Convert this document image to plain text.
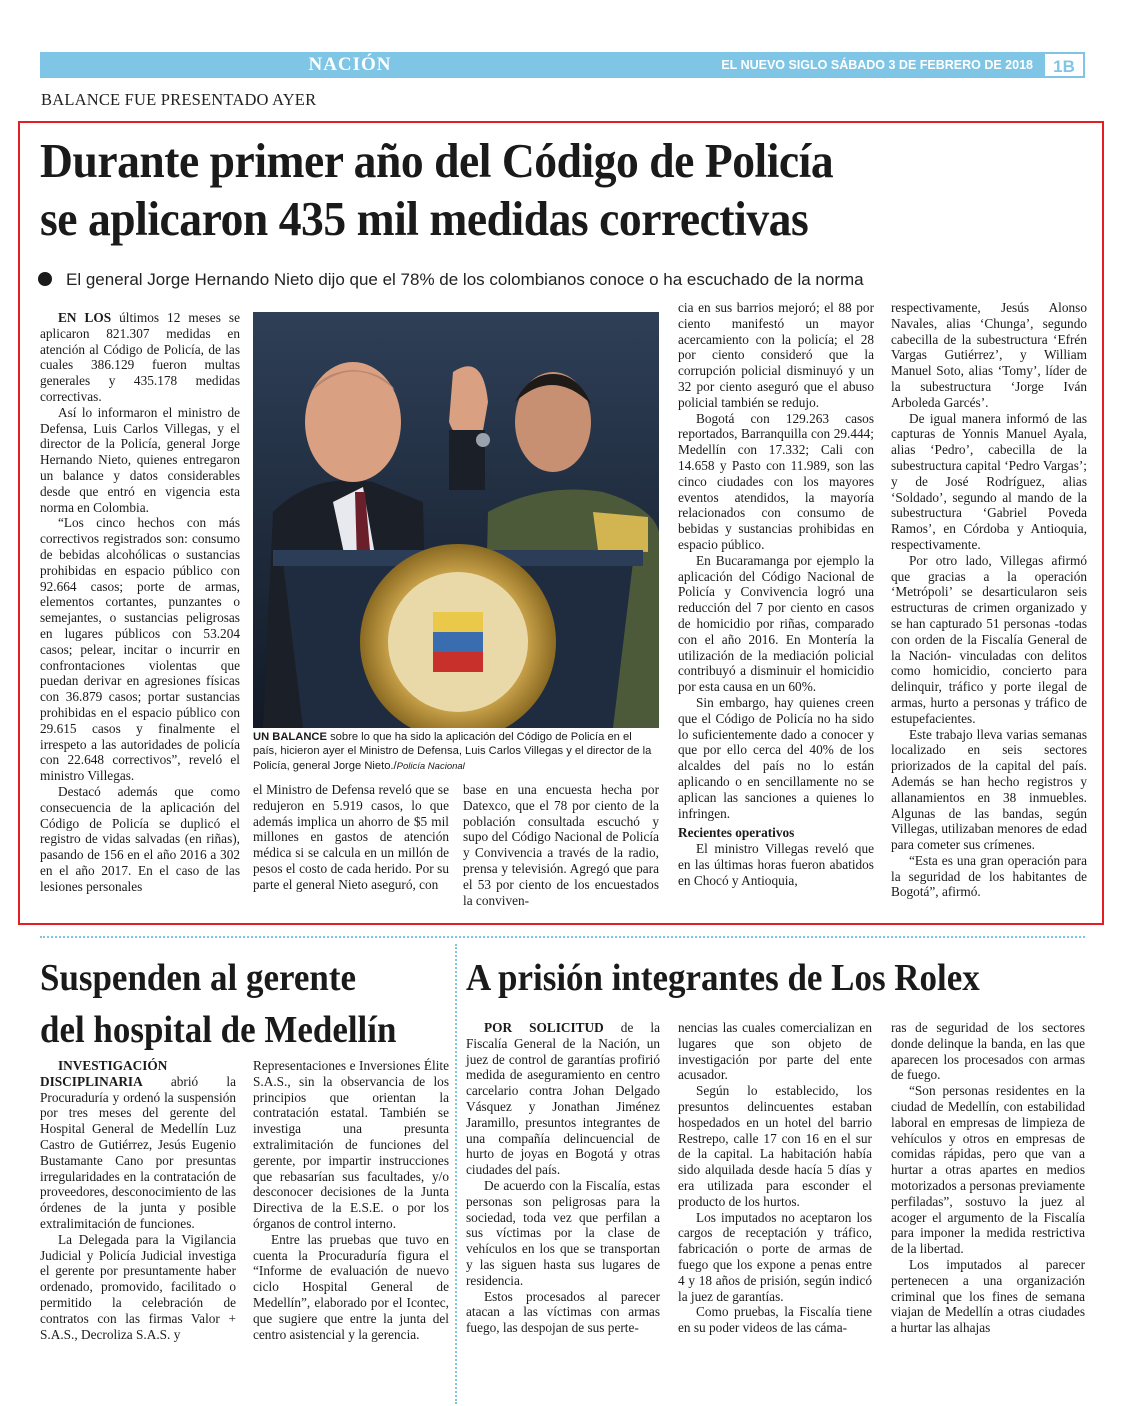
NACIÓN	EL NUEVO SIGLO SÁBADO 3 DE FEBRERO DE 2018	1B
BALANCE FUE PRESENTADO AYER
Durante primer año del Código de Policía
se aplicaron 435 mil medidas correctivas
El general Jorge Hernando Nieto dijo que el 78% de los colombianos conoce o ha escuchado de la norma

EN LOS últimos 12 meses se aplicaron 821.307 medidas en atención al Código de Policía, de las cuales 386.129 fueron multas generales y 435.178 medidas correctivas.

Así lo informaron el ministro de Defensa, Luis Carlos Villegas, y el director de la Policía, general Jorge Hernando Nieto, quienes entregaron un balance y datos considerables desde que entró en vigencia esta norma en Colombia.

“Los cinco hechos con más correctivos registrados son: consumo de bebidas alcohólicas o sustancias prohibidas en espacio público con 92.664 casos; porte de armas, elementos cortantes, punzantes o semejantes, o sustancias peligrosas en lugares públicos con 53.204 casos; pelear, incitar o incurrir en confrontaciones violentas que puedan derivar en agresiones físicas con 36.879 casos; portar sustancias prohibidas en el espacio público con 29.615 casos y finalmente el irrespeto a las autoridades de policía con 22.648 correctivos”, reveló el ministro Villegas.

Destacó además que como consecuencia de la aplicación del Código de Policía se duplicó el registro de vidas salvadas (en riñas), pasando de 156 en el año 2016 a 302 en el año 2017. En el caso de las lesiones personales

UN BALANCE sobre lo que ha sido la aplicación del Código de Policía en el país, hicieron ayer el Ministro de Defensa, Luis Carlos Villegas y el director de la Policía, general Jorge Nieto./Policía Nacional

el Ministro de Defensa reveló que se redujeron en 5.919 casos, lo que además implica un ahorro de $5 mil millones en gastos de atención médica si se calcula en un millón de pesos el costo de cada herido. Por su parte el general Nieto aseguró, con

base en una encuesta hecha por Datexco, que el 78 por ciento de la población consultada escuchó y supo del Código Nacional de Policía y Convivencia a través de la radio, prensa y televisión. Agregó que para el 53 por ciento de los encuestados la conviven-

cia en sus barrios mejoró; el 88 por ciento manifestó un mayor acercamiento con la policía; el 28 por ciento consideró que la corrupción policial disminuyó y un 32 por ciento aseguró que el abuso policial también se redujo.

Bogotá con 129.263 casos reportados, Barranquilla con 29.444; Medellín con 17.332; Cali con 14.658 y Pasto con 11.989, son las cinco ciudades con los mayores eventos atendidos, la mayoría relacionados con consumo de bebidas y sustancias prohibidas en espacio público.

En Bucaramanga por ejemplo la aplicación del Código Nacional de Policía y Convivencia logró una reducción del 7 por ciento en casos de homicidio por riñas, comparado con el año 2016. En Montería la utilización de la mediación policial contribuyó a disminuir el homicidio por esta causa en un 60%.

Sin embargo, hay quienes creen que el Código de Policía no ha sido lo suficientemente dado a conocer y que por ello cerca del 40% de los alcaldes del país no lo están aplicando o en sencillamente no se aplican las sanciones a quienes lo infringen.

Recientes operativos

El ministro Villegas reveló que en las últimas horas fueron abatidos en Chocó y Antioquia,

respectivamente, Jesús Alonso Navales, alias ‘Chunga’, segundo cabecilla de la subestructura ‘Efrén Vargas Gutiérrez’, y William Manuel Soto, alias ‘Tomy’, líder de la subestructura ‘Jorge Iván Arboleda Garcés’.

De igual manera informó de las capturas de Yonnis Manuel Ayala, alias ‘Pedro’, cabecilla de la subestructura capital ‘Pedro Vargas’; y de José Rodríguez, alias ‘Soldado’, segundo al mando de la subestructura ‘Gabriel Poveda Ramos’, en Córdoba y Antioquia, respectivamente.

Por otro lado, Villegas afirmó que gracias a la operación ‘Metrópoli’ se desarticularon seis estructuras de crimen organizado y se han capturado 51 personas -todas con orden de la Fiscalía General de la Nación- vinculadas con delitos como homicidio, concierto para delinquir, tráfico y porte ilegal de armas, hurto a personas y tráfico de estupefacientes.

Este trabajo lleva varias semanas localizado en seis sectores priorizados de la capital del país. Además se han hecho registros y allanamientos en 38 inmuebles. Algunas de las bandas, según Villegas, utilizaban menores de edad para cometer sus crímenes.

“Esta es una gran operación para la seguridad de los habitantes de Bogotá”, afirmó.

Suspenden al gerente
del hospital de Medellín

INVESTIGACIÓN DISCIPLINARIA abrió la Procuraduría y ordenó la suspensión por tres meses del gerente del Hospital General de Medellín Luz Castro de Gutiérrez, Jesús Eugenio Bustamante Cano por presuntas irregularidades en la contratación de proveedores, desconocimiento de las órdenes de la junta y posible extralimitación de funciones.

La Delegada para la Vigilancia Judicial y Policía Judicial investiga el gerente por presuntamente haber ordenado, promovido, facilitado o permitido la celebración de contratos con las firmas Valor + S.A.S., Decroliza S.A.S. y

Representaciones e Inversiones Élite S.A.S., sin la observancia de los principios que orientan la contratación estatal. También se investiga una presunta extralimitación de funciones del gerente, por impartir instrucciones que rebasarían sus facultades, y/o desconocer decisiones de la Junta Directiva de la E.S.E. o por los órganos de control interno.

Entre las pruebas que tuvo en cuenta la Procuraduría figura el “Informe de evaluación de nuevo ciclo Hospital General de Medellín”, elaborado por el Icontec, que sugiere que entre la junta del centro asistencial y la gerencia.

A prisión integrantes de Los Rolex

POR SOLICITUD de la Fiscalía General de la Nación, un juez de control de garantías profirió medida de aseguramiento en centro carcelario contra Johan Delgado Vásquez y Jonathan Jiménez Jaramillo, presuntos integrantes de una compañía delincuencial de hurto de joyas en Bogotá y otras ciudades del país.

De acuerdo con la Fiscalía, estas personas son peligrosas para la sociedad, toda vez que perfilan a sus víctimas por la clase de vehículos en los que se transportan y las siguen hasta sus lugares de residencia.

Estos procesados al parecer atacan a las víctimas con armas fuego, las despojan de sus perte-

nencias las cuales comercializan en lugares que son objeto de investigación por parte del ente acusador.

Según lo establecido, los presuntos delincuentes estaban hospedados en un hotel del barrio Restrepo, calle 17 con 16 en el sur de la capital. La habitación había sido alquilada desde hacía 5 días y era utilizada para esconder el producto de los hurtos.

Los imputados no aceptaron los cargos de receptación y tráfico, fabricación o porte de armas de fuego que los expone a penas entre 4 y 18 años de prisión, según indicó la juez de garantías.

Como pruebas, la Fiscalía tiene en su poder videos de las cáma-

ras de seguridad de los sectores donde delinque la banda, en las que aparecen los procesados con armas de fuego.

“Son personas residentes en la ciudad de Medellín, con estabilidad laboral en empresas de limpieza de vehículos y otros en empresas de comidas rápidas, pero que van a hurtar a otras apartes en medios motorizados a personas previamente perfiladas”, sostuvo la juez al acoger el argumento de la Fiscalía para imponer la medida restrictiva de la libertad.

Los imputados al parecer pertenecen a una organización criminal que los fines de semana viajan de Medellín a otras ciudades a hurtar las alhajas
